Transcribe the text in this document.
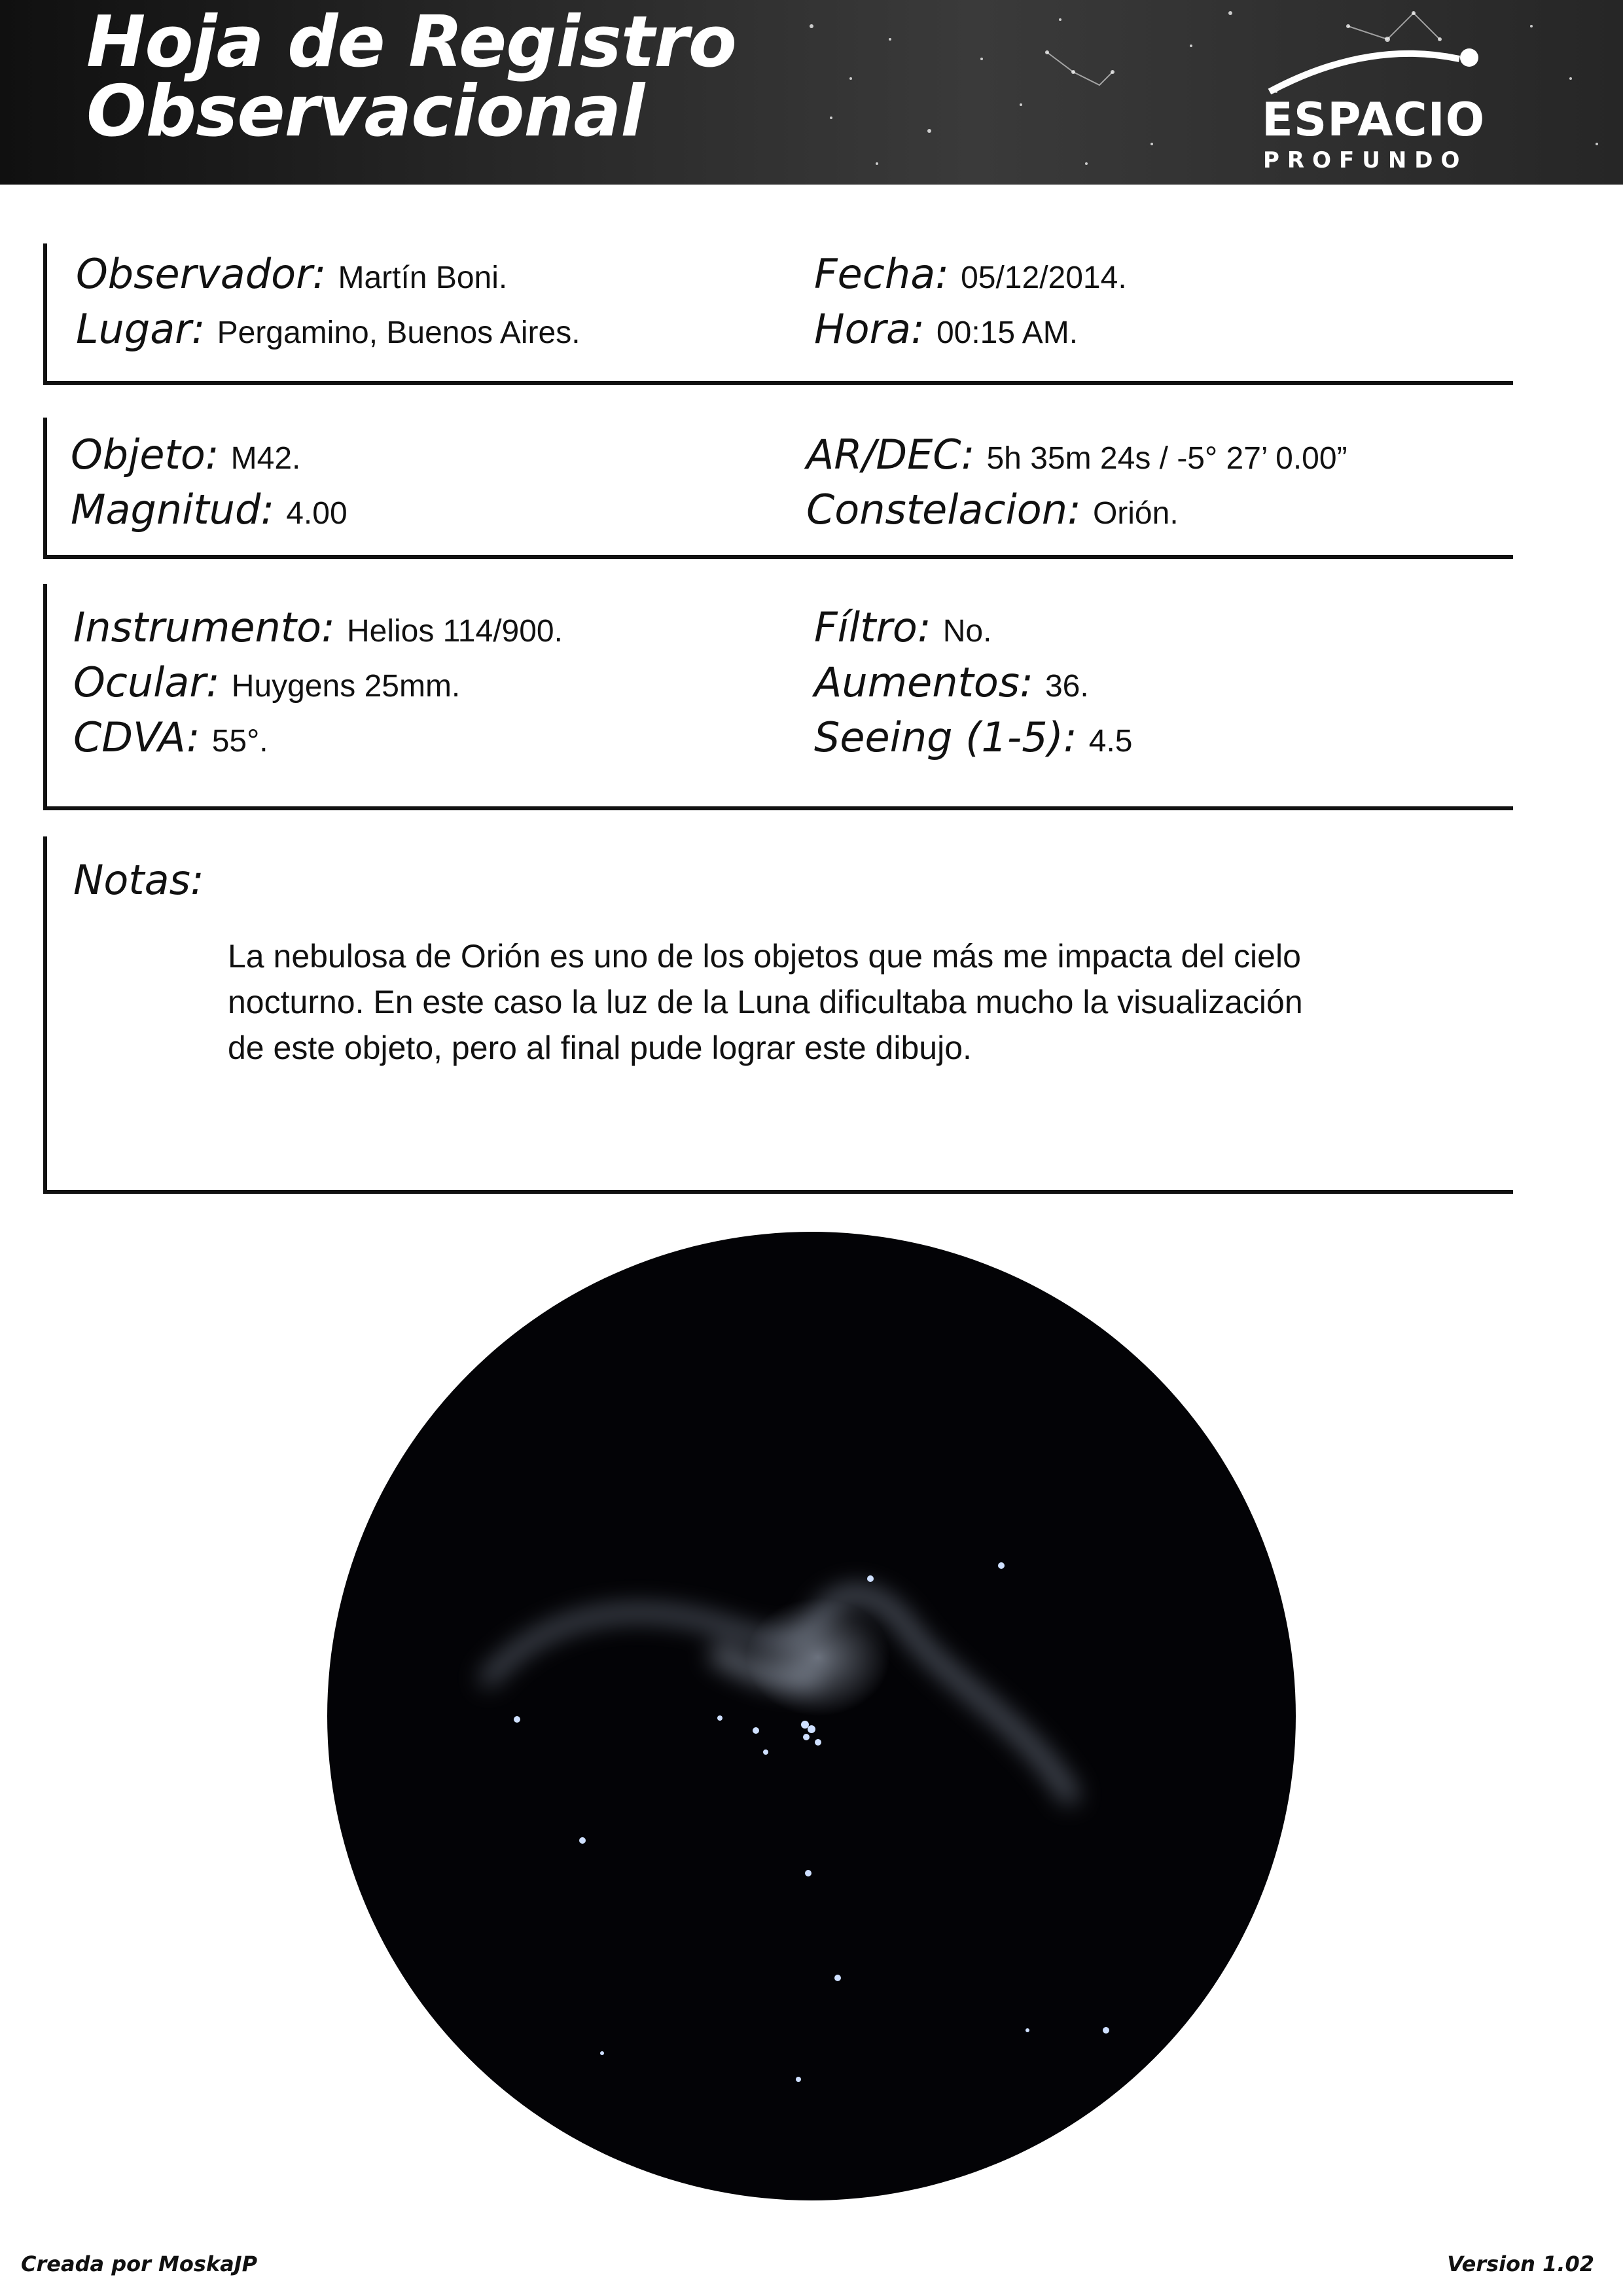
Hoja de Registro
Observacional	ESPACIO
PROFUNDO
Observador: Martín Boni.
Lugar: Pergamino, Buenos Aires.
Fecha: 05/12/2014.
Hora: 00:15 AM.
Objeto: M42.
Magnitud: 4.00
AR/DEC: 5h 35m 24s / -5° 27’ 0.00”
Constelacion: Orión.
Instrumento: Helios 114/900.
Ocular: Huygens 25mm.
CDVA: 55°.
Fíltro: No.
Aumentos: 36.
Seeing (1-5): 4.5
Notas:
La nebulosa de Orión es uno de los objetos que más me impacta del cielo
nocturno. En este caso la luz de la Luna dificultaba mucho la visualización
de este objeto, pero al final pude lograr este dibujo.
Creada por MoskaJP	Version 1.02
